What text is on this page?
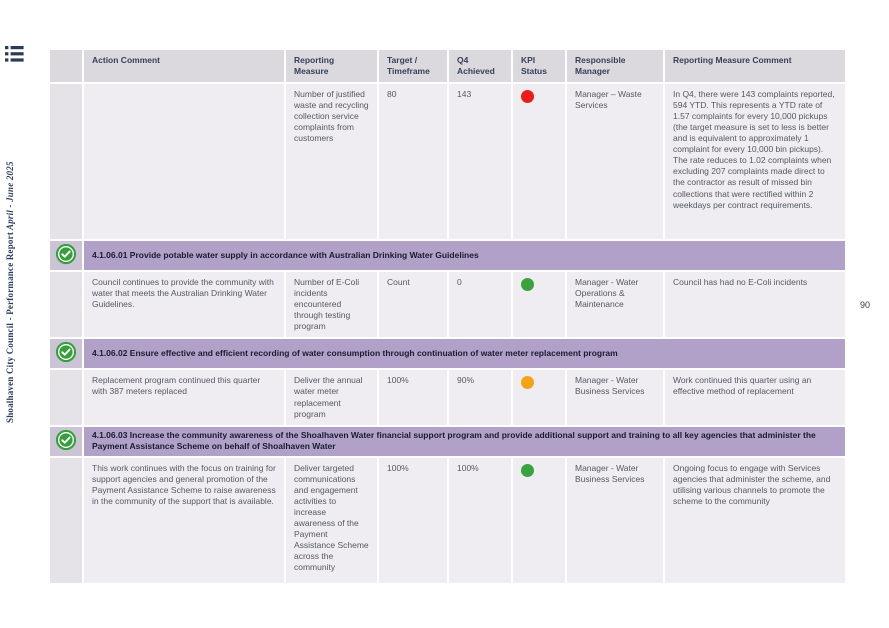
Shoalhaven City Council - Performance Report

April - June 2025
90
	Action Comment	Reporting Measure	Target / Timeframe	Q4 Achieved	KPI Status	Responsible Manager	Reporting Measure Comment
		Number of justified waste and recycling collection service complaints from customers	80	143		Manager – Waste Services	In Q4, there were 143 complaints reported, 594 YTD. This represents a YTD rate of 1.57 complaints for every 10,000 pickups (the target measure is set to less is better and is equivalent to approximately 1 complaint for every 10,000 bin pickups). The rate reduces to 1.02 complaints when excluding 207 complaints made direct to the contractor as result of missed bin collections that were rectified within 2 weekdays per contract requirements.
	4.1.06.01 Provide potable water supply in accordance with Australian Drinking Water Guidelines						
	Council continues to provide the community with water that meets the Australian Drinking Water Guidelines.	Number of E-Coli incidents encountered through testing program	Count	0		Manager - Water Operations & Maintenance	Council has had no E-Coli incidents
	4.1.06.02 Ensure effective and efficient recording of water consumption through continuation of water meter replacement program						
	Replacement program continued this quarter with 387 meters replaced	Deliver the annual water meter replacement program	100%	90%		Manager - Water Business Services	Work continued this quarter using an effective method of replacement
	4.1.06.03 Increase the community awareness of the Shoalhaven Water financial support program and provide additional support and training to all key agencies that administer the Payment Assistance Scheme on behalf of Shoalhaven Water						
	This work continues with the focus on training for support agencies and general promotion of the Payment Assistance Scheme to raise awareness in the community of the support that is available.	Deliver targeted communications and engagement activities to increase awareness of the Payment Assistance Scheme across the community	100%	100%		Manager - Water Business Services	Ongoing focus to engage with Services agencies that administer the scheme, and utilising various channels to promote the scheme to the community
